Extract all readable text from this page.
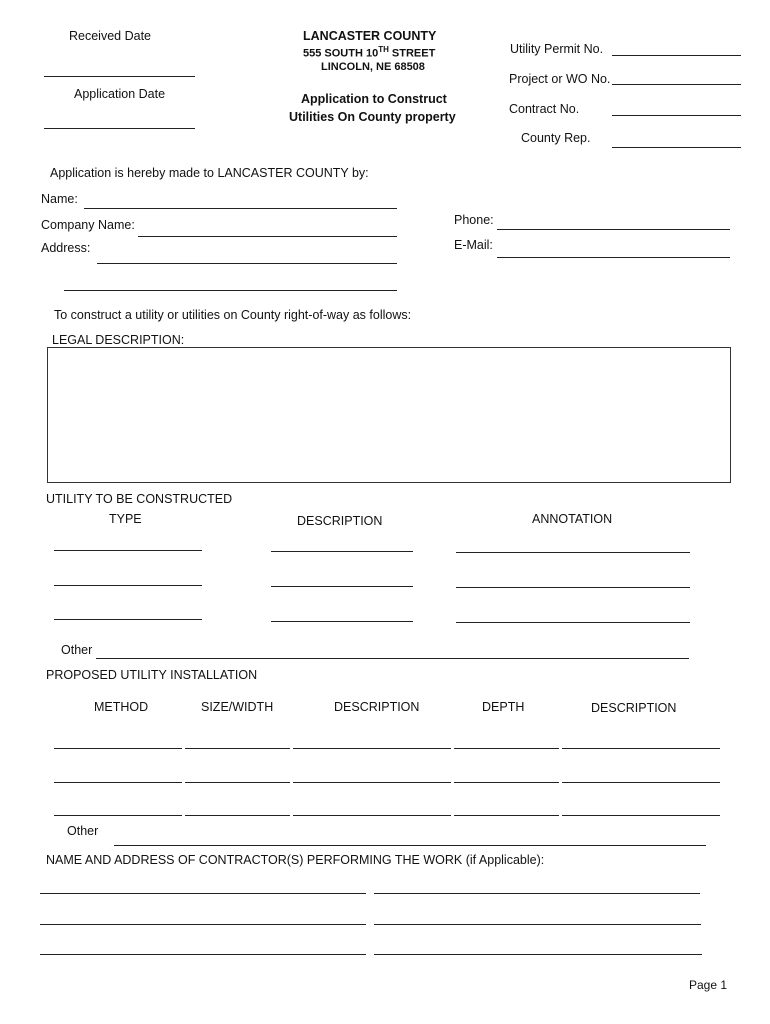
Received Date
Application Date
LANCASTER COUNTY
555 SOUTH 10TH STREET
LINCOLN, NE 68508
Application to Construct
Utilities On County property
Utility Permit No.
Project or WO No.
Contract No.
County Rep.
Application is hereby made to LANCASTER COUNTY by:
Name:
Company Name:
Address:
Phone:
E-Mail:
To construct a utility or utilities on County right-of-way as follows:
LEGAL DESCRIPTION:
UTILITY TO BE CONSTRUCTED
TYPE	DESCRIPTION	ANNOTATION
Other
PROPOSED UTILITY INSTALLATION
METHOD	SIZE/WIDTH	DESCRIPTION	DEPTH	DESCRIPTION
Other
NAME AND ADDRESS OF CONTRACTOR(S) PERFORMING THE WORK (if Applicable):
Page 1
